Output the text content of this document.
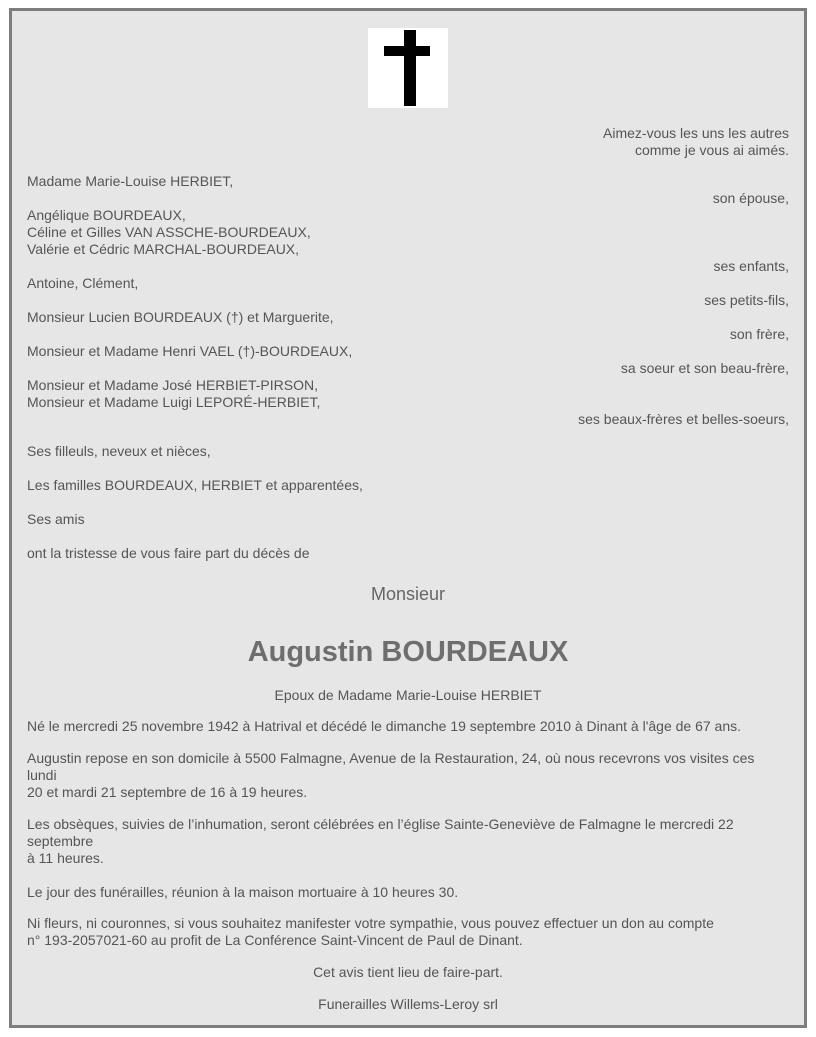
Aimez-vous les uns les autres
comme je vous ai aimés.
Madame Marie-Louise HERBIET,
son épouse,
Angélique BOURDEAUX,
Céline et Gilles VAN ASSCHE-BOURDEAUX,
Valérie et Cédric MARCHAL-BOURDEAUX,
ses enfants,
Antoine, Clément,
ses petits-fils,
Monsieur Lucien BOURDEAUX (†) et Marguerite,
son frère,
Monsieur et Madame Henri VAEL (†)-BOURDEAUX,
sa soeur et son beau-frère,
Monsieur et Madame José HERBIET-PIRSON,
Monsieur et Madame Luigi LEPORÉ-HERBIET,
ses beaux-frères et belles-soeurs,
Ses filleuls, neveux et nièces,
Les familles BOURDEAUX, HERBIET et apparentées,
Ses amis
ont la tristesse de vous faire part du décès de
Monsieur
Augustin BOURDEAUX
Epoux de Madame Marie-Louise HERBIET
Né le mercredi 25 novembre 1942 à Hatrival et décédé le dimanche 19 septembre 2010 à Dinant à l'âge de 67 ans.
Augustin repose en son domicile à 5500 Falmagne, Avenue de la Restauration, 24, où nous recevrons vos visites ces
lundi
20 et mardi 21 septembre de 16 à 19 heures.
Les obsèques, suivies de l’inhumation, seront célébrées en l’église Sainte-Geneviève de Falmagne le mercredi 22
septembre
à 11 heures.
Le jour des funérailles, réunion à la maison mortuaire à 10 heures 30.
Ni fleurs, ni couronnes, si vous souhaitez manifester votre sympathie, vous pouvez effectuer un don au compte
n° 193-2057021-60 au profit de La Conférence Saint-Vincent de Paul de Dinant.
Cet avis tient lieu de faire-part.
Funerailles Willems-Leroy srl
